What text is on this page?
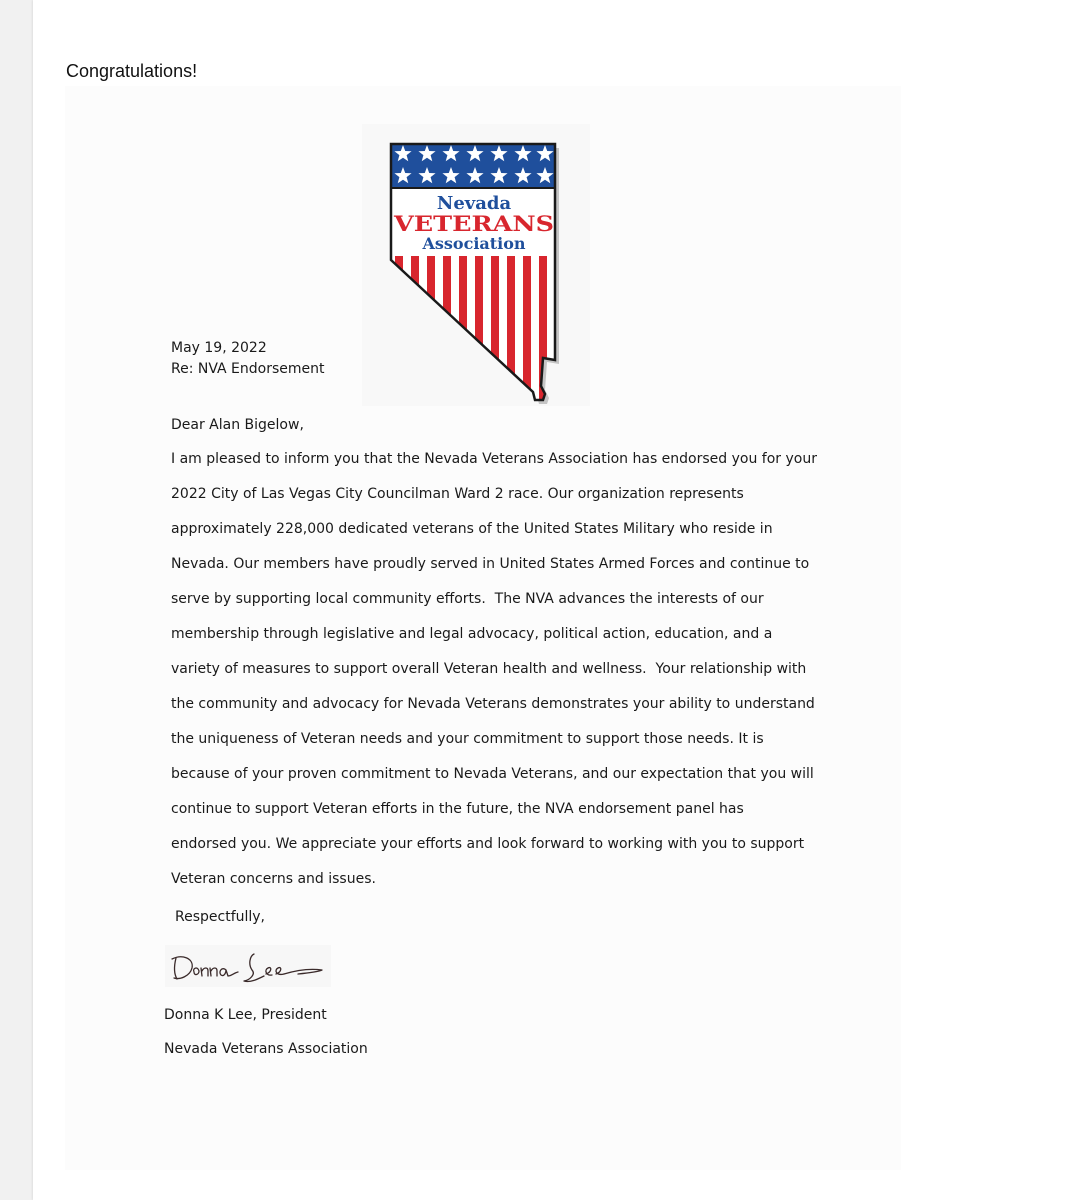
Congratulations!
Nevada
VETERANS
Association
May 19, 2022
Re: NVA Endorsement
Dear Alan Bigelow,
I am pleased to inform you that the Nevada Veterans Association has endorsed you for your
2022 City of Las Vegas City Councilman Ward 2 race. Our organization represents
approximately 228,000 dedicated veterans of the United States Military who reside in
Nevada. Our members have proudly served in United States Armed Forces and continue to
serve by supporting local community efforts.  The NVA advances the interests of our
membership through legislative and legal advocacy, political action, education, and a
variety of measures to support overall Veteran health and wellness.  Your relationship with
the community and advocacy for Nevada Veterans demonstrates your ability to understand
the uniqueness of Veteran needs and your commitment to support those needs. It is
because of your proven commitment to Nevada Veterans, and our expectation that you will
continue to support Veteran efforts in the future, the NVA endorsement panel has
endorsed you. We appreciate your efforts and look forward to working with you to support
Veteran concerns and issues.
Respectfully,
Donna K Lee, President
Nevada Veterans Association
